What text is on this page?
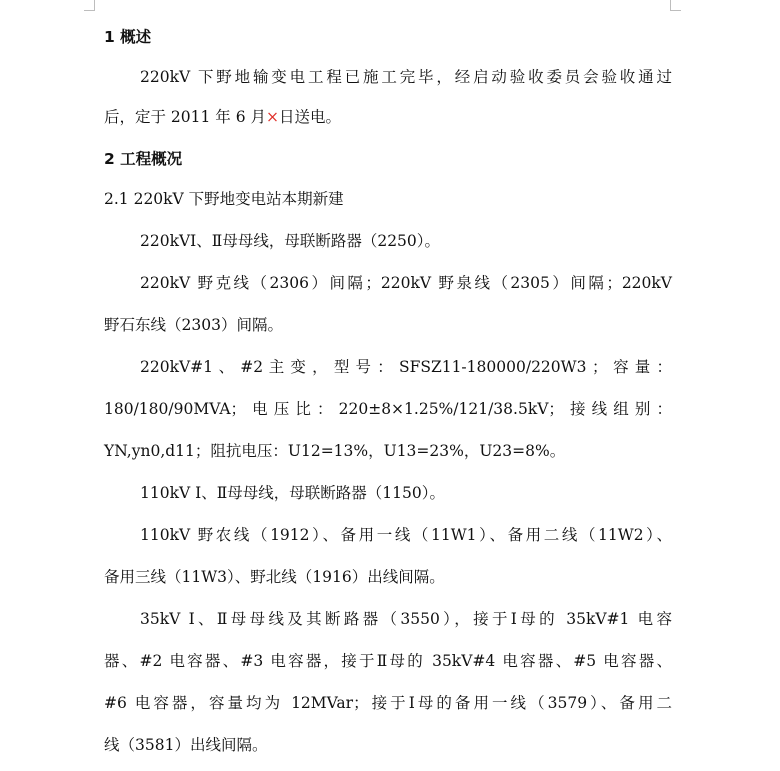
1 概述
220kV 下野地输变电工程已施工完毕，经启动验收委员会验收通过
后，定于 2011 年 6 月×日送电。
2 工程概况
2.1 220kV 下野地变电站本期新建
220kVⅠ、Ⅱ母母线，母联断路器（2250）。
220kV 野克线（2306）间隔；220kV 野泉线（2305）间隔；220kV
野石东线（2303）间隔。
220kV#1 、 #2 主 变 ， 型 号 ： SFSZ11-180000/220W3 ； 容 量 ：
180/180/90MVA；电压比：220±8×1.25%/121/38.5kV；接线组别：
YN,yn0,d11；阻抗电压：U12=13%，U13=23%，U23=8%。
110kV Ⅰ、Ⅱ母母线，母联断路器（1150）。
110kV 野农线（1912）、备用一线（11W1）、备用二线（11W2）、
备用三线（11W3）、野北线（1916）出线间隔。
35kV Ⅰ、Ⅱ母母线及其断路器（3550），接于Ⅰ母的 35kV#1 电容
器、#2 电容器、#3 电容器，接于Ⅱ母的 35kV#4 电容器、#5 电容器、
#6 电容器，容量均为 12MVar；接于Ⅰ母的备用一线（3579）、备用二
线（3581）出线间隔。
